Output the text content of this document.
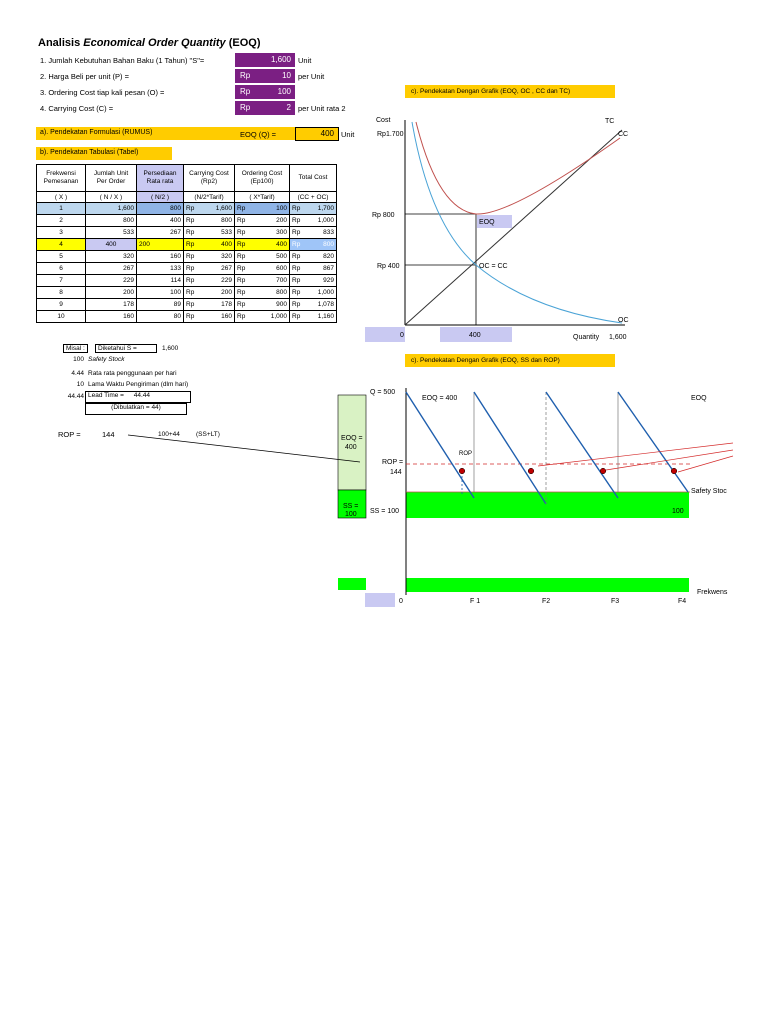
Analisis Economical Order Quantity (EOQ)
1. Jumlah Kebutuhan Bahan Baku (1 Tahun) "S"=	1,600 Unit
2. Harga Beli per unit (P) =	Rp	10 per Unit
3. Ordering Cost tiap kali pesan (O) =	Rp	100
4. Carrying Cost (C) =	Rp	2 per Unit rata 2
a). Pendekatan Formulasi (RUMUS)	EOQ (Q) =	400 Unit
b). Pendekatan Tabulasi (Tabel)
Frekwensi Pemesanan	Jumlah Unit Per Order	Persediaan Rata rata	Carrying Cost (Rp2)	Ordering Cost (Ep100)	Total Cost
( X )	( N / X )	( N/2 )	(N/2*Tarif)	( X*Tarif)	(CC + OC)
1	1,600	800	Rp 1,600	Rp 100	Rp 1,700
2	800	400	Rp 800	Rp 200	Rp 1,000
3	533	267	Rp 533	Rp 300	Rp 833
4	400	200	Rp 400	Rp 400	Rp 800
5	320	160	Rp 320	Rp 500	Rp 820
6	267	133	Rp 267	Rp 600	Rp 867
7	229	114	Rp 229	Rp 700	Rp 929
8	200	100	Rp 200	Rp 800	Rp 1,000
9	178	89	Rp 178	Rp 900	Rp 1,078
10	160	80	Rp 160	Rp 1,000	Rp 1,160
Misal :	Diketahui S =	1,600
100 Safety Stock
4.44 Rata rata penggunaan per hari
10 Lama Waktu Pengiriman (dlm hari)
44.44 Lead Time = 44.44
(Dibulatkan = 44)
ROP =	144	100+44 (SS+LT)
c). Pendekatan Dengan Grafik (EOQ, OC , CC dan TC)
Cost
Rp1.700
Rp 800
Rp 400
0	400	Quantity 1,600
TC
CC
OC
EOQ
OC = CC
c). Pendekatan Dengan Grafik (EOQ, SS dan ROP)
Q = 500
EOQ = 400
ROP
ROP =
144
SS = 100	100
EOQ
Safety Stoc
EOQ =
400
SS =
100
Frekwens
0	F 1	F2	F3	F4
